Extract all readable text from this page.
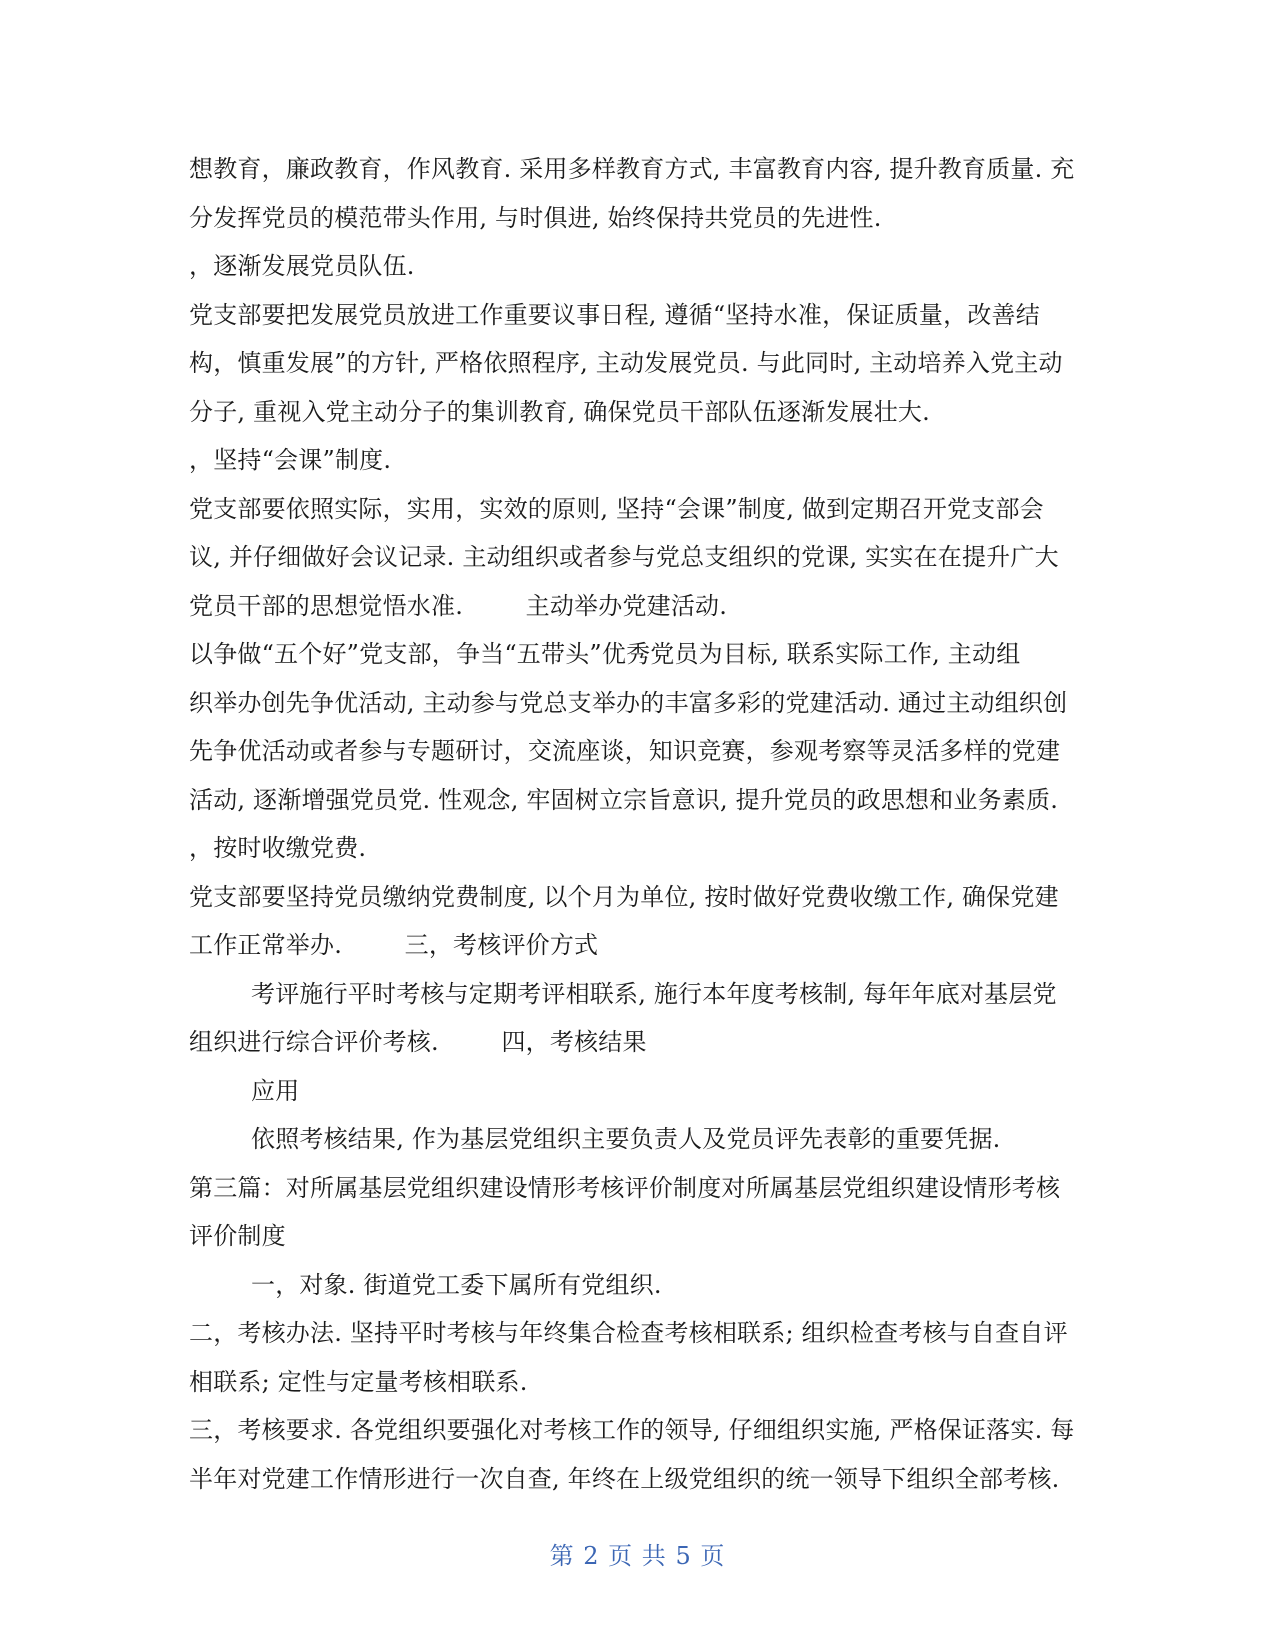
想教育，廉政教育，作风教育. 采用多样教育方式, 丰富教育内容, 提升教育质量. 充
分发挥党员的模范带头作用, 与时俱进, 始终保持共党员的先进性.
，逐渐发展党员队伍.
党支部要把发展党员放进工作重要议事日程, 遵循“坚持水准，保证质量，改善结
构，慎重发展”的方针, 严格依照程序, 主动发展党员. 与此同时, 主动培养入党主动
分子, 重视入党主动分子的集训教育, 确保党员干部队伍逐渐发展壮大.
，坚持“会课”制度.
党支部要依照实际，实用，实效的原则, 坚持“会课”制度, 做到定期召开党支部会
议, 并仔细做好会议记录. 主动组织或者参与党总支组织的党课, 实实在在提升广大
党员干部的思想觉悟水准.        主动举办党建活动.
以争做“五个好”党支部，争当“五带头”优秀党员为目标, 联系实际工作, 主动组
织举办创先争优活动, 主动参与党总支举办的丰富多彩的党建活动. 通过主动组织创
先争优活动或者参与专题研讨，交流座谈，知识竞赛，参观考察等灵活多样的党建
活动, 逐渐增强党员党. 性观念, 牢固树立宗旨意识, 提升党员的政思想和业务素质.
，按时收缴党费.
党支部要坚持党员缴纳党费制度, 以个月为单位, 按时做好党费收缴工作, 确保党建
工作正常举办.        三，考核评价方式
考评施行平时考核与定期考评相联系, 施行本年度考核制, 每年年底对基层党
组织进行综合评价考核.        四，考核结果
应用
依照考核结果, 作为基层党组织主要负责人及党员评先表彰的重要凭据.
第三篇：对所属基层党组织建设情形考核评价制度对所属基层党组织建设情形考核
评价制度
一，对象. 街道党工委下属所有党组织.
二，考核办法. 坚持平时考核与年终集合检查考核相联系; 组织检查考核与自查自评
相联系; 定性与定量考核相联系.
三，考核要求. 各党组织要强化对考核工作的领导, 仔细组织实施, 严格保证落实. 每
半年对党建工作情形进行一次自查, 年终在上级党组织的统一领导下组织全部考核.
第 2 页 共 5 页
